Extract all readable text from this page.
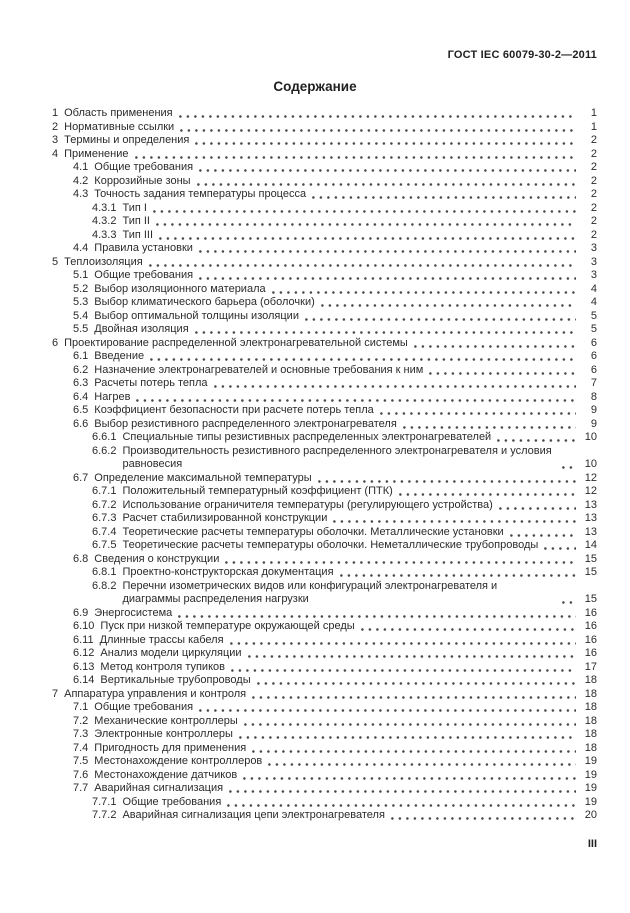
ГОСТ IEC 60079-30-2—2011
Содержание
1 Область применения	1
2 Нормативные ссылки	1
3 Термины и определения	2
4 Применение	2
4.1 Общие требования	2
4.2 Коррозийные зоны	2
4.3 Точность задания температуры процесса	2
4.3.1 Тип I	2
4.3.2 Тип II	2
4.3.3 Тип III	2
4.4 Правила установки	3
5 Теплоизоляция	3
5.1 Общие требования	3
5.2 Выбор изоляционного материала	4
5.3 Выбор климатического барьера (оболочки)	4
5.4 Выбор оптимальной толщины изоляции	5
5.5 Двойная изоляция	5
6 Проектирование распределенной электронагревательной системы	6
6.1 Введение	6
6.2 Назначение электронагревателей и основные требования к ним	6
6.3 Расчеты потерь тепла	7
6.4 Нагрев	8
6.5 Коэффициент безопасности при расчете потерь тепла	9
6.6 Выбор резистивного распределенного электронагревателя	9
6.6.1 Специальные типы резистивных распределенных электронагревателей	10
6.6.2 Производительность резистивного распределенного электронагревателя и условия равновесия	10
6.7 Определение максимальной температуры	12
6.7.1 Положительный температурный коэффициент (ПТК)	12
6.7.2 Использование ограничителя температуры (регулирующего устройства)	13
6.7.3 Расчет стабилизированной конструкции	13
6.7.4 Теоретические расчеты температуры оболочки. Металлические установки	13
6.7.5 Теоретические расчеты температуры оболочки. Неметаллические трубопроводы	14
6.8 Сведения о конструкции	15
6.8.1 Проектно-конструкторская документация	15
6.8.2 Перечни изометрических видов или конфигураций электронагревателя и диаграммы распределения нагрузки	15
6.9 Энергосистема	16
6.10 Пуск при низкой температуре окружающей среды	16
6.11 Длинные трассы кабеля	16
6.12 Анализ модели циркуляции	16
6.13 Метод контроля тупиков	17
6.14 Вертикальные трубопроводы	18
7 Аппаратура управления и контроля	18
7.1 Общие требования	18
7.2 Механические контроллеры	18
7.3 Электронные контроллеры	18
7.4 Пригодность для применения	18
7.5 Местонахождение контроллеров	19
7.6 Местонахождение датчиков	19
7.7 Аварийная сигнализация	19
7.7.1 Общие требования	19
7.7.2 Аварийная сигнализация цепи электронагревателя	20
III
